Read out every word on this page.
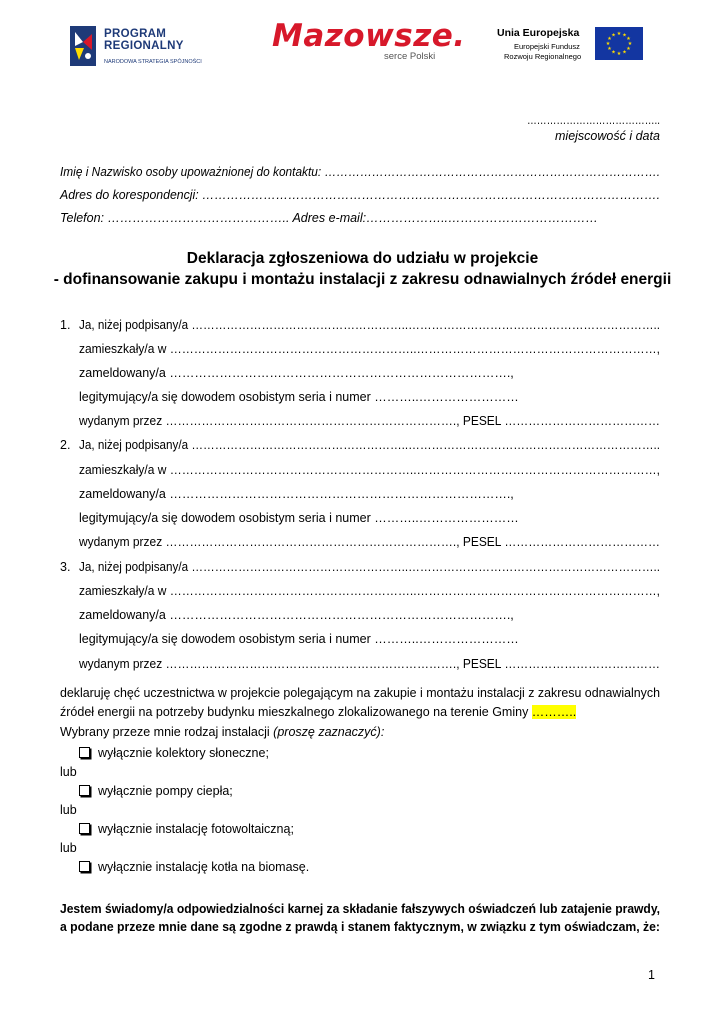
PROGRAM
REGIONALNY
NARODOWA STRATEGIA SPÓJNOŚCI
Mazowsze.
serce Polski
Unia Europejska
Europejski Fundusz
Rozwoju Regionalnego
★ ★
★
★
★
★
★
★
★
★
★
★
…………………………………..
miejscowość i data
Imię i Nazwisko osoby upoważnionej do kontaktu: ………………………………………………………………………….
Adres do korespondencji: ………………………………………………………………………………………………….
Telefon: …………………………………….. Adres e-mail:………………..………………………………
Deklaracja zgłoszeniowa do udziału w projekcie
- dofinansowanie zakupu i montażu instalacji z zakresu odnawialnych źródeł energii
1. Ja, niżej podpisany/a ………………………………………………..………………………………………………………..
zamieszkały/a w ……………………………………………………..……………………………………………………,
zameldowany/a ……………………………………………………………………….,
legitymujący/a się dowodem osobistym seria i numer ………..……………………
wydanym przez ………………………………………………………………., PESEL …………………………………
2. Ja, niżej podpisany/a ………………………………………………..………………………………………………………..
zamieszkały/a w ……………………………………………………..……………………………………………………,
zameldowany/a ……………………………………………………………………….,
legitymujący/a się dowodem osobistym seria i numer ………..……………………
wydanym przez ………………………………………………………………., PESEL …………………………………
3. Ja, niżej podpisany/a ………………………………………………..………………………………………………………..
zamieszkały/a w ……………………………………………………..……………………………………………………,
zameldowany/a ……………………………………………………………………….,
legitymujący/a się dowodem osobistym seria i numer ………..……………………
wydanym przez ………………………………………………………………., PESEL …………………………………
deklaruję chęć uczestnictwa w projekcie polegającym na zakupie i montażu instalacji z zakresu odnawialnych
źródeł energii na potrzeby budynku mieszkalnego zlokalizowanego na terenie Gminy ………..
Wybrany przeze mnie rodzaj instalacji (proszę zaznaczyć):
wyłącznie kolektory słoneczne;
lub
wyłącznie pompy ciepła;
lub
wyłącznie instalację fotowoltaiczną;
lub
wyłącznie instalację kotła na biomasę.
Jestem świadomy/a odpowiedzialności karnej za składanie fałszywych oświadczeń lub zatajenie prawdy,
a podane przeze mnie dane są zgodne z prawdą i stanem faktycznym, w związku z tym oświadczam, że:
1
